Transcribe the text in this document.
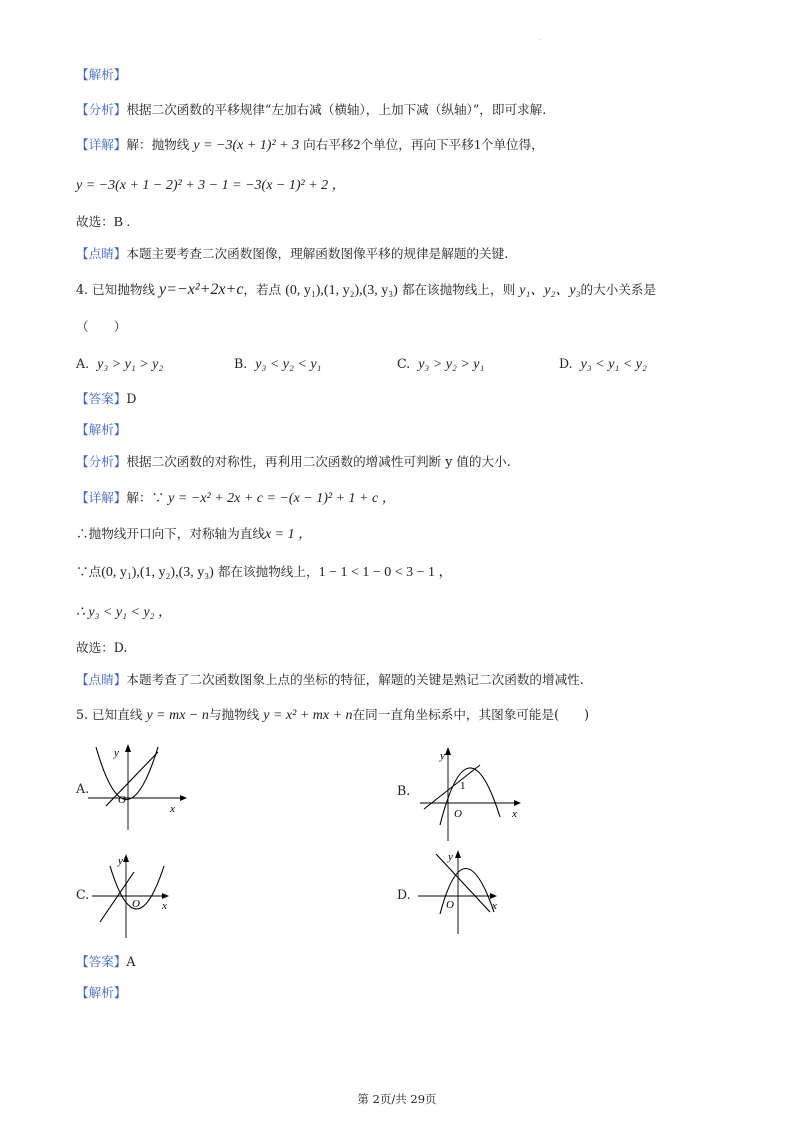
.
【解析】
【分析】根据二次函数的平移规律“左加右减（横轴），上加下减（纵轴）”，即可求解.
【详解】解：抛物线 y = −3(x + 1)² + 3 向右平移2个单位，再向下平移1个单位得，
y = −3(x + 1 − 2)² + 3 − 1 = −3(x − 1)² + 2 ，
故选：B .
【点睛】本题主要考查二次函数图像，理解函数图像平移的规律是解题的关键.
4. 已知抛物线 y=−x²+2x+c，若点 (0, y₁),(1, y₂),(3, y₃) 都在该抛物线上，则 y₁、y₂、y₃的大小关系是
（　　）
A. y₃ > y₁ > y₂	B. y₃ < y₂ < y₁	C. y₃ > y₂ > y₁	D. y₃ < y₁ < y₂
【答案】D
【解析】
【分析】根据二次函数的对称性，再利用二次函数的增减性可判断 y 值的大小.
【详解】解：∵ y = −x² + 2x + c = −(x − 1)² + 1 + c ，
∴抛物线开口向下，对称轴为直线x = 1 ，
∵点(0, y₁),(1, y₂),(3, y₃) 都在该抛物线上，1 − 1 < 1 − 0 < 3 − 1 ，
∴ y₃ < y₁ < y₂ ，
故选：D.
【点睛】本题考查了二次函数图象上点的坐标的特征，解题的关键是熟记二次函数的增减性.
5. 已知直线 y = mx − n与抛物线 y = x² + mx + n在同一直角坐标系中，其图象可能是(　　)
A.
y
O
x
B.
y
1
O	x
C.
y
O x
D.
y
O	x
【答案】A
【解析】
第 2页/共 29页
